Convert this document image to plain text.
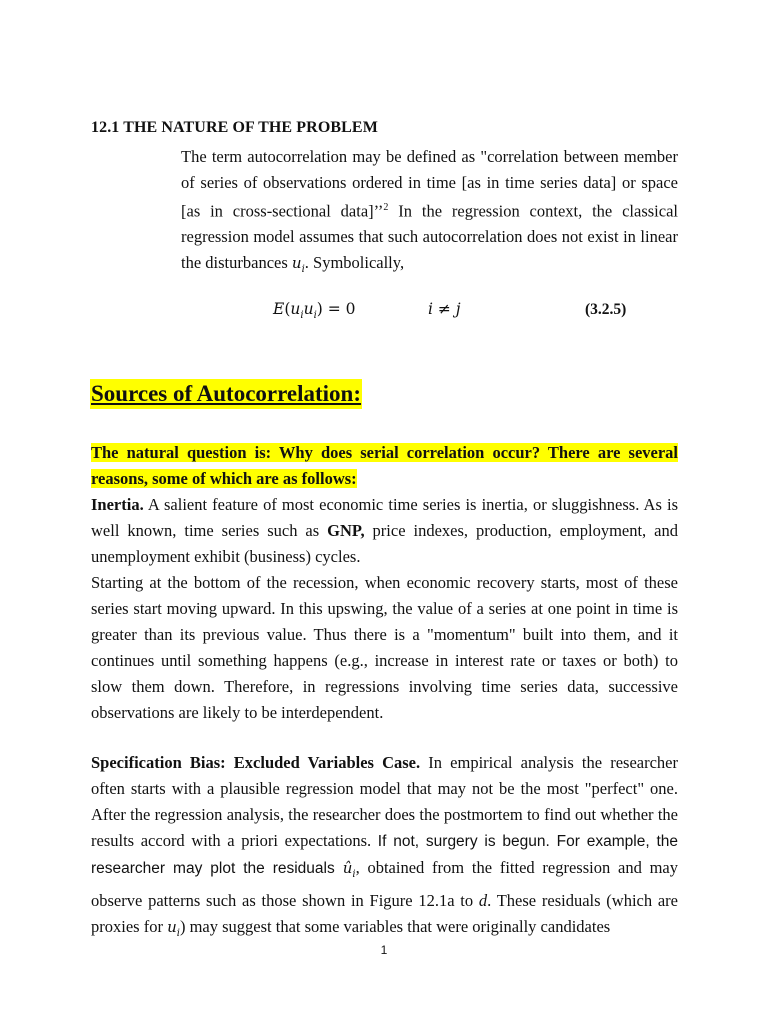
12.1 THE NATURE OF THE PROBLEM
The term autocorrelation may be defined as "correlation between member of series of observations ordered in time [as in time series data] or space [as in cross-sectional data]’’$^2$ In the regression context, the classical regression model assumes that such autocorrelation does not exist in linear the disturbances $u_i$. Symbolically,
$E(u_iu_i) = 0$	i ≠ j	(3.2.5)
Sources of Autocorrelation:
The natural question is: Why does serial correlation occur? There are several reasons, some of which are as follows:
Inertia. A salient feature of most economic time series is inertia, or sluggishness. As is well known, time series such as GNP, price indexes, production, employment, and unemployment exhibit (business) cycles.
Starting at the bottom of the recession, when economic recovery starts, most of these series start moving upward. In this upswing, the value of a series at one point in time is greater than its previous value. Thus there is a "momentum" built into them, and it continues until something happens (e.g., increase in interest rate or taxes or both) to slow them down. Therefore, in regressions involving time series data, successive observations are likely to be interdependent.
Specification Bias: Excluded Variables Case. In empirical analysis the researcher often starts with a plausible regression model that may not be the most "perfect" one. After the regression analysis, the researcher does the postmortem to find out whether the results accord with a priori expectations. If not, surgery is begun. For example, the researcher may plot the residuals $û_i$, obtained from the fitted regression and may observe patterns such as those shown in Figure 12.1a to d. These residuals (which are proxies for $u_i$) may suggest that some variables that were originally candidates
1
